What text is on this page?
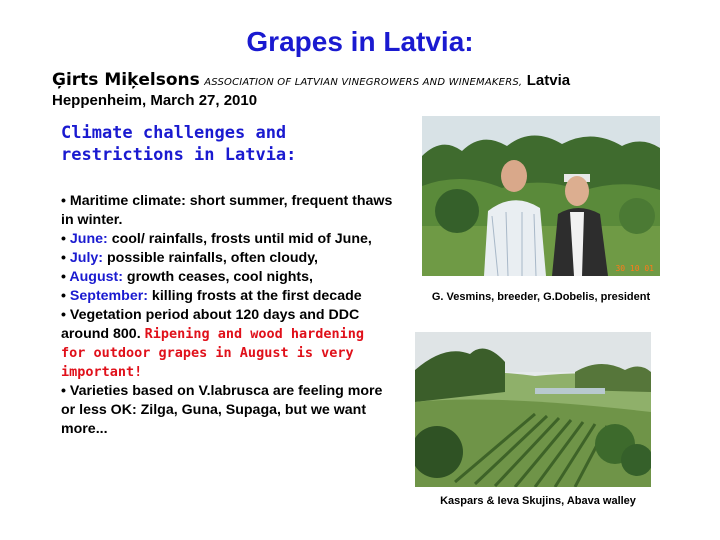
Grapes in Latvia:
Ģirts Miķelsons ASSOCIATION OF LATVIAN VINEGROWERS AND WINEMAKERS, Latvia
Heppenheim, March 27, 2010
Climate challenges and
restrictions in Latvia:

• Maritime climate: short summer, frequent thaws in winter.

• June: cool/ rainfalls, frosts until mid of June,

• July: possible rainfalls, often cloudy,

• August: growth ceases, cool nights,

• September: killing frosts at the first decade

• Vegetation period about 120 days and DDC around 800. Ripening and wood hardening for outdoor grapes in August is very important!

• Varieties based on V.labrusca are feeling more or less OK: Zilga, Guna, Supaga, but we want more...

30 10 01
G. Vesmins, breeder, G.Dobelis, president
Kaspars & Ieva Skujins, Abava walley
